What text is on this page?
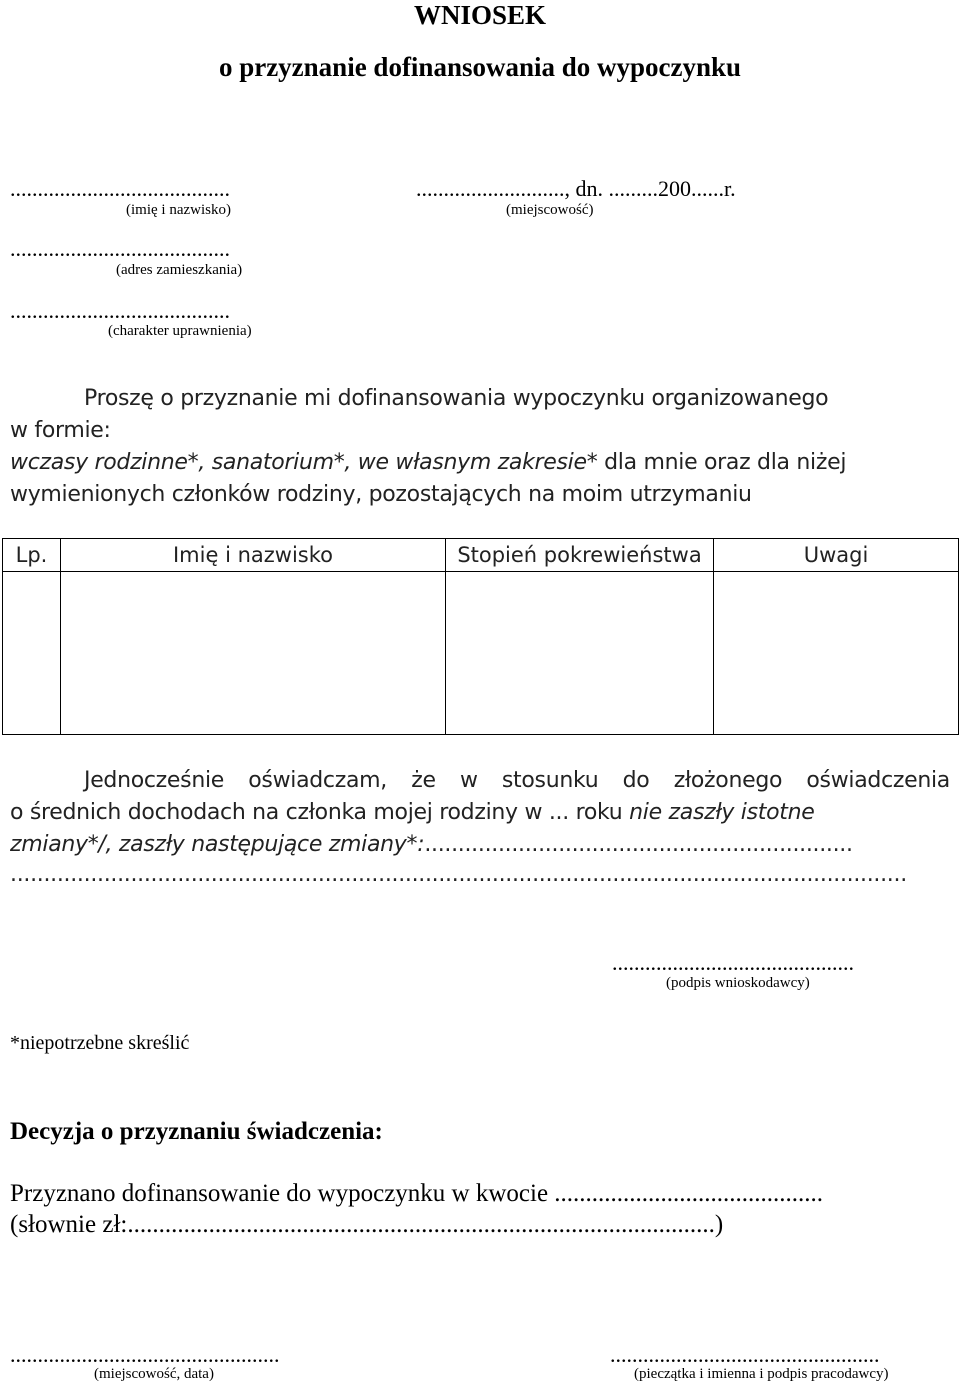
WNIOSEK
o przyznanie dofinansowania do wypoczynku
........................................
(imię i nazwisko)
..........................., dn. .........200......r.
(miejscowość)
........................................
(adres zamieszkania)
........................................
(charakter uprawnienia)
Proszę o przyznanie mi dofinansowania wypoczynku organizowanego
w formie:
wczasy rodzinne*, sanatorium*, we własnym zakresie* dla mnie oraz dla niżej
wymienionych członków rodziny, pozostających na moim utrzymaniu
Lp.	Imię i nazwisko	Stopień pokrewieństwa	Uwagi

Jednocześnie oświadczam, że w stosunku do złożonego oświadczenia
o średnich dochodach na członka mojej rodziny w ... roku nie zaszły istotne
zmiany*/, zaszły następujące zmiany*:................................................................
......................................................................................................................................
............................................
(podpis wnioskodawcy)
*niepotrzebne skreślić
Decyzja o przyznaniu świadczenia:
Przyznano dofinansowanie do wypoczynku w kwocie ...........................................
(słownie zł:..............................................................................................)
.................................................
(miejscowość, data)
.................................................
(pieczątka i imienna i podpis pracodawcy)
